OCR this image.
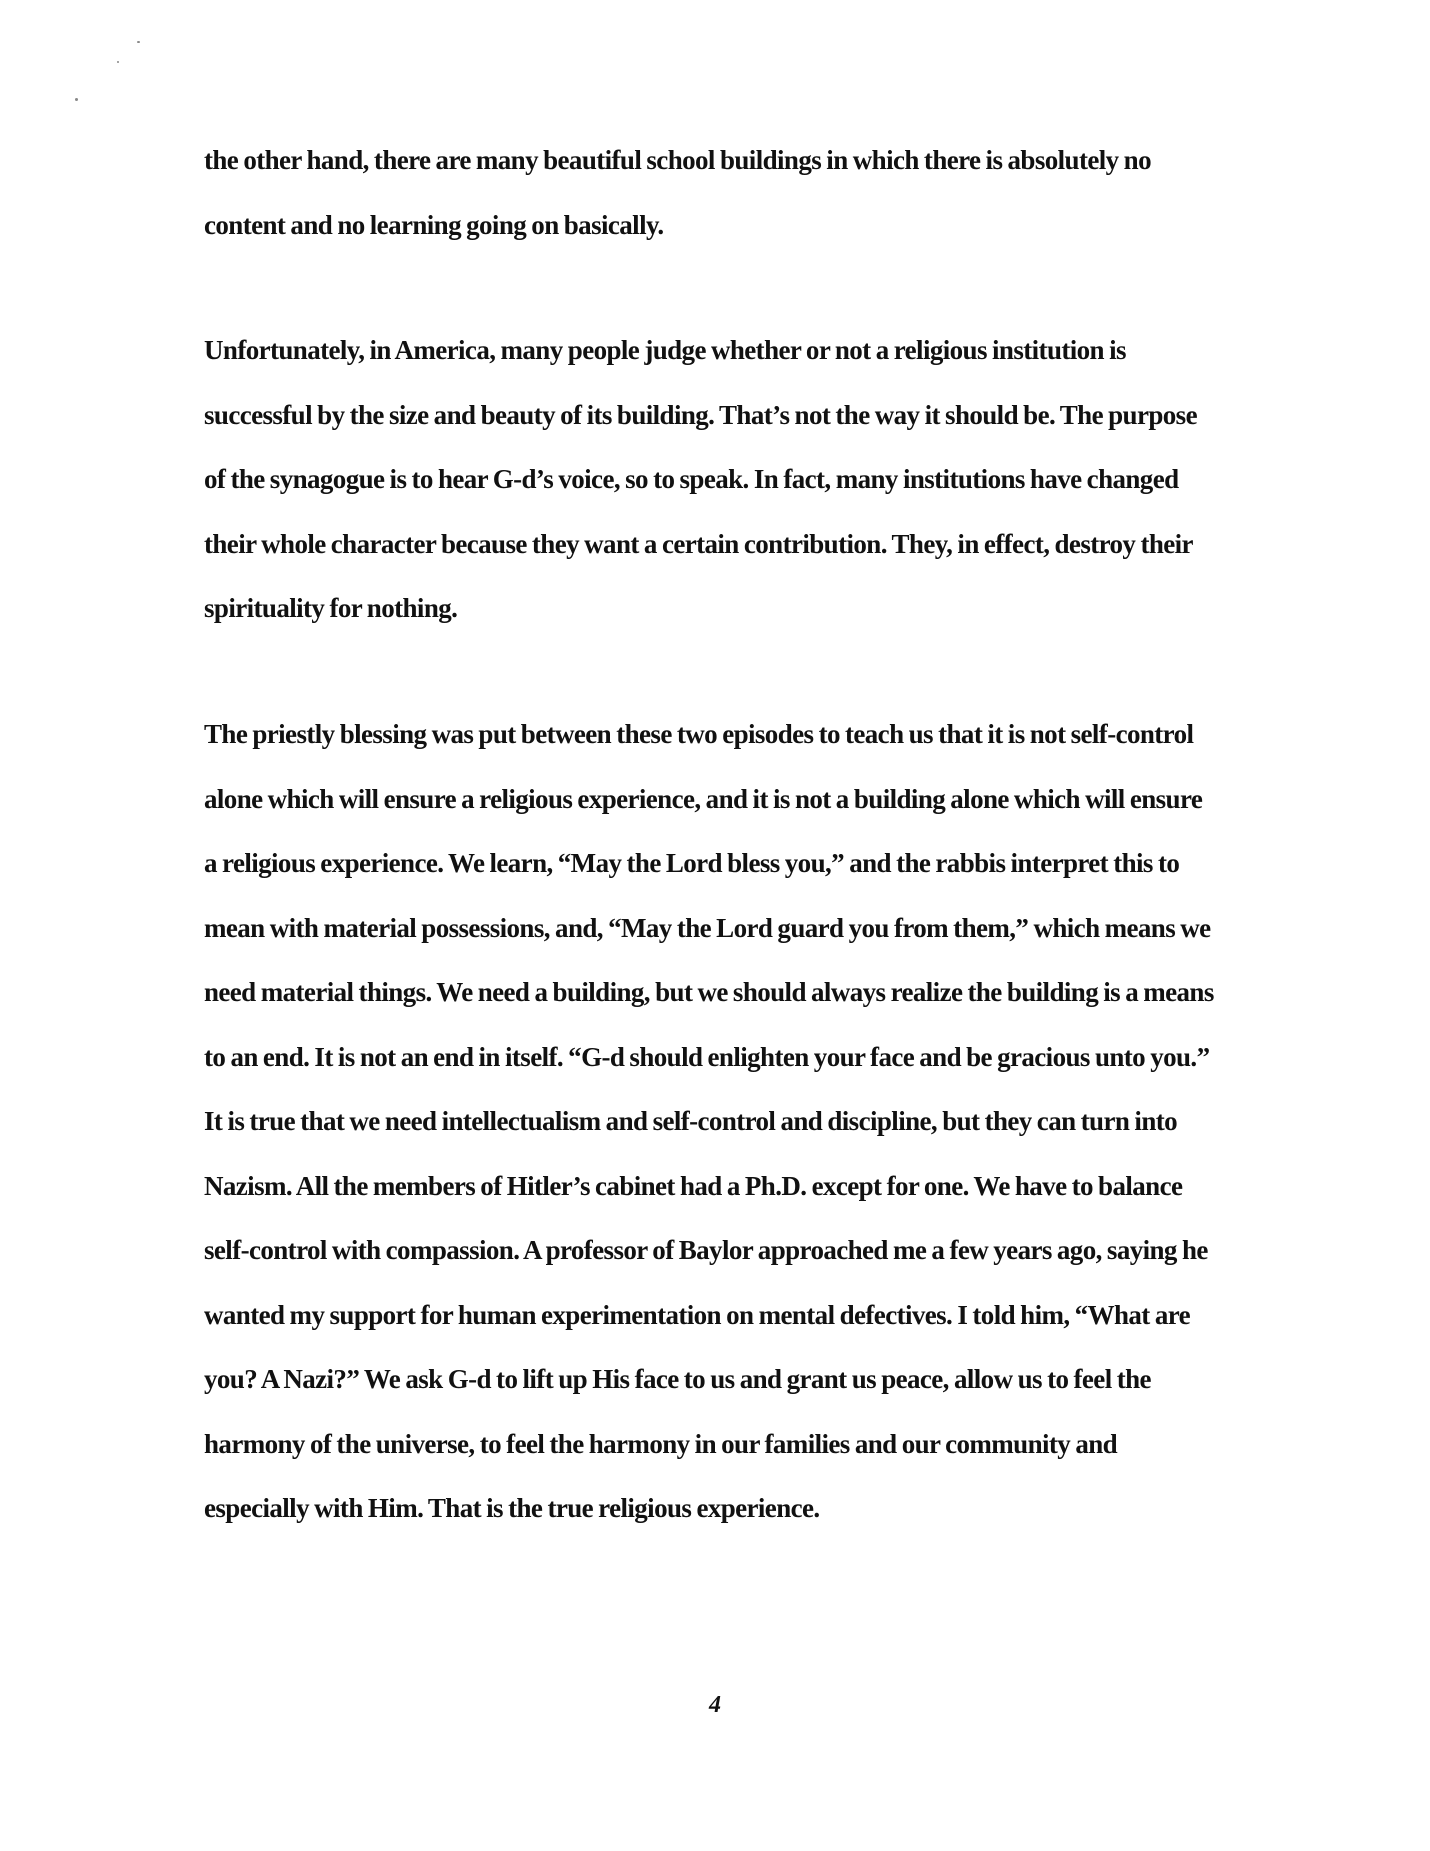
the other hand, there are many beautiful school buildings in which there is absolutely no content and no learning going on basically.
Unfortunately, in America, many people judge whether or not a religious institution is successful by the size and beauty of its building. That’s not the way it should be. The purpose of the synagogue is to hear G-d’s voice, so to speak. In fact, many institutions have changed their whole character because they want a certain contribution. They, in effect, destroy their spirituality for nothing.
The priestly blessing was put between these two episodes to teach us that it is not self-control alone which will ensure a religious experience, and it is not a building alone which will ensure a religious experience. We learn, “May the Lord bless you,” and the rabbis interpret this to mean with material possessions, and, “May the Lord guard you from them,” which means we need material things. We need a building, but we should always realize the building is a means to an end. It is not an end in itself. “G-d should enlighten your face and be gracious unto you.” It is true that we need intellectualism and self-control and discipline, but they can turn into Nazism. All the members of Hitler’s cabinet had a Ph.D. except for one. We have to balance self-control with compassion. A professor of Baylor approached me a few years ago, saying he wanted my support for human experimentation on mental defectives. I told him, “What are you? A Nazi?” We ask G-d to lift up His face to us and grant us peace, allow us to feel the harmony of the universe, to feel the harmony in our families and our community and especially with Him. That is the true religious experience.
4
